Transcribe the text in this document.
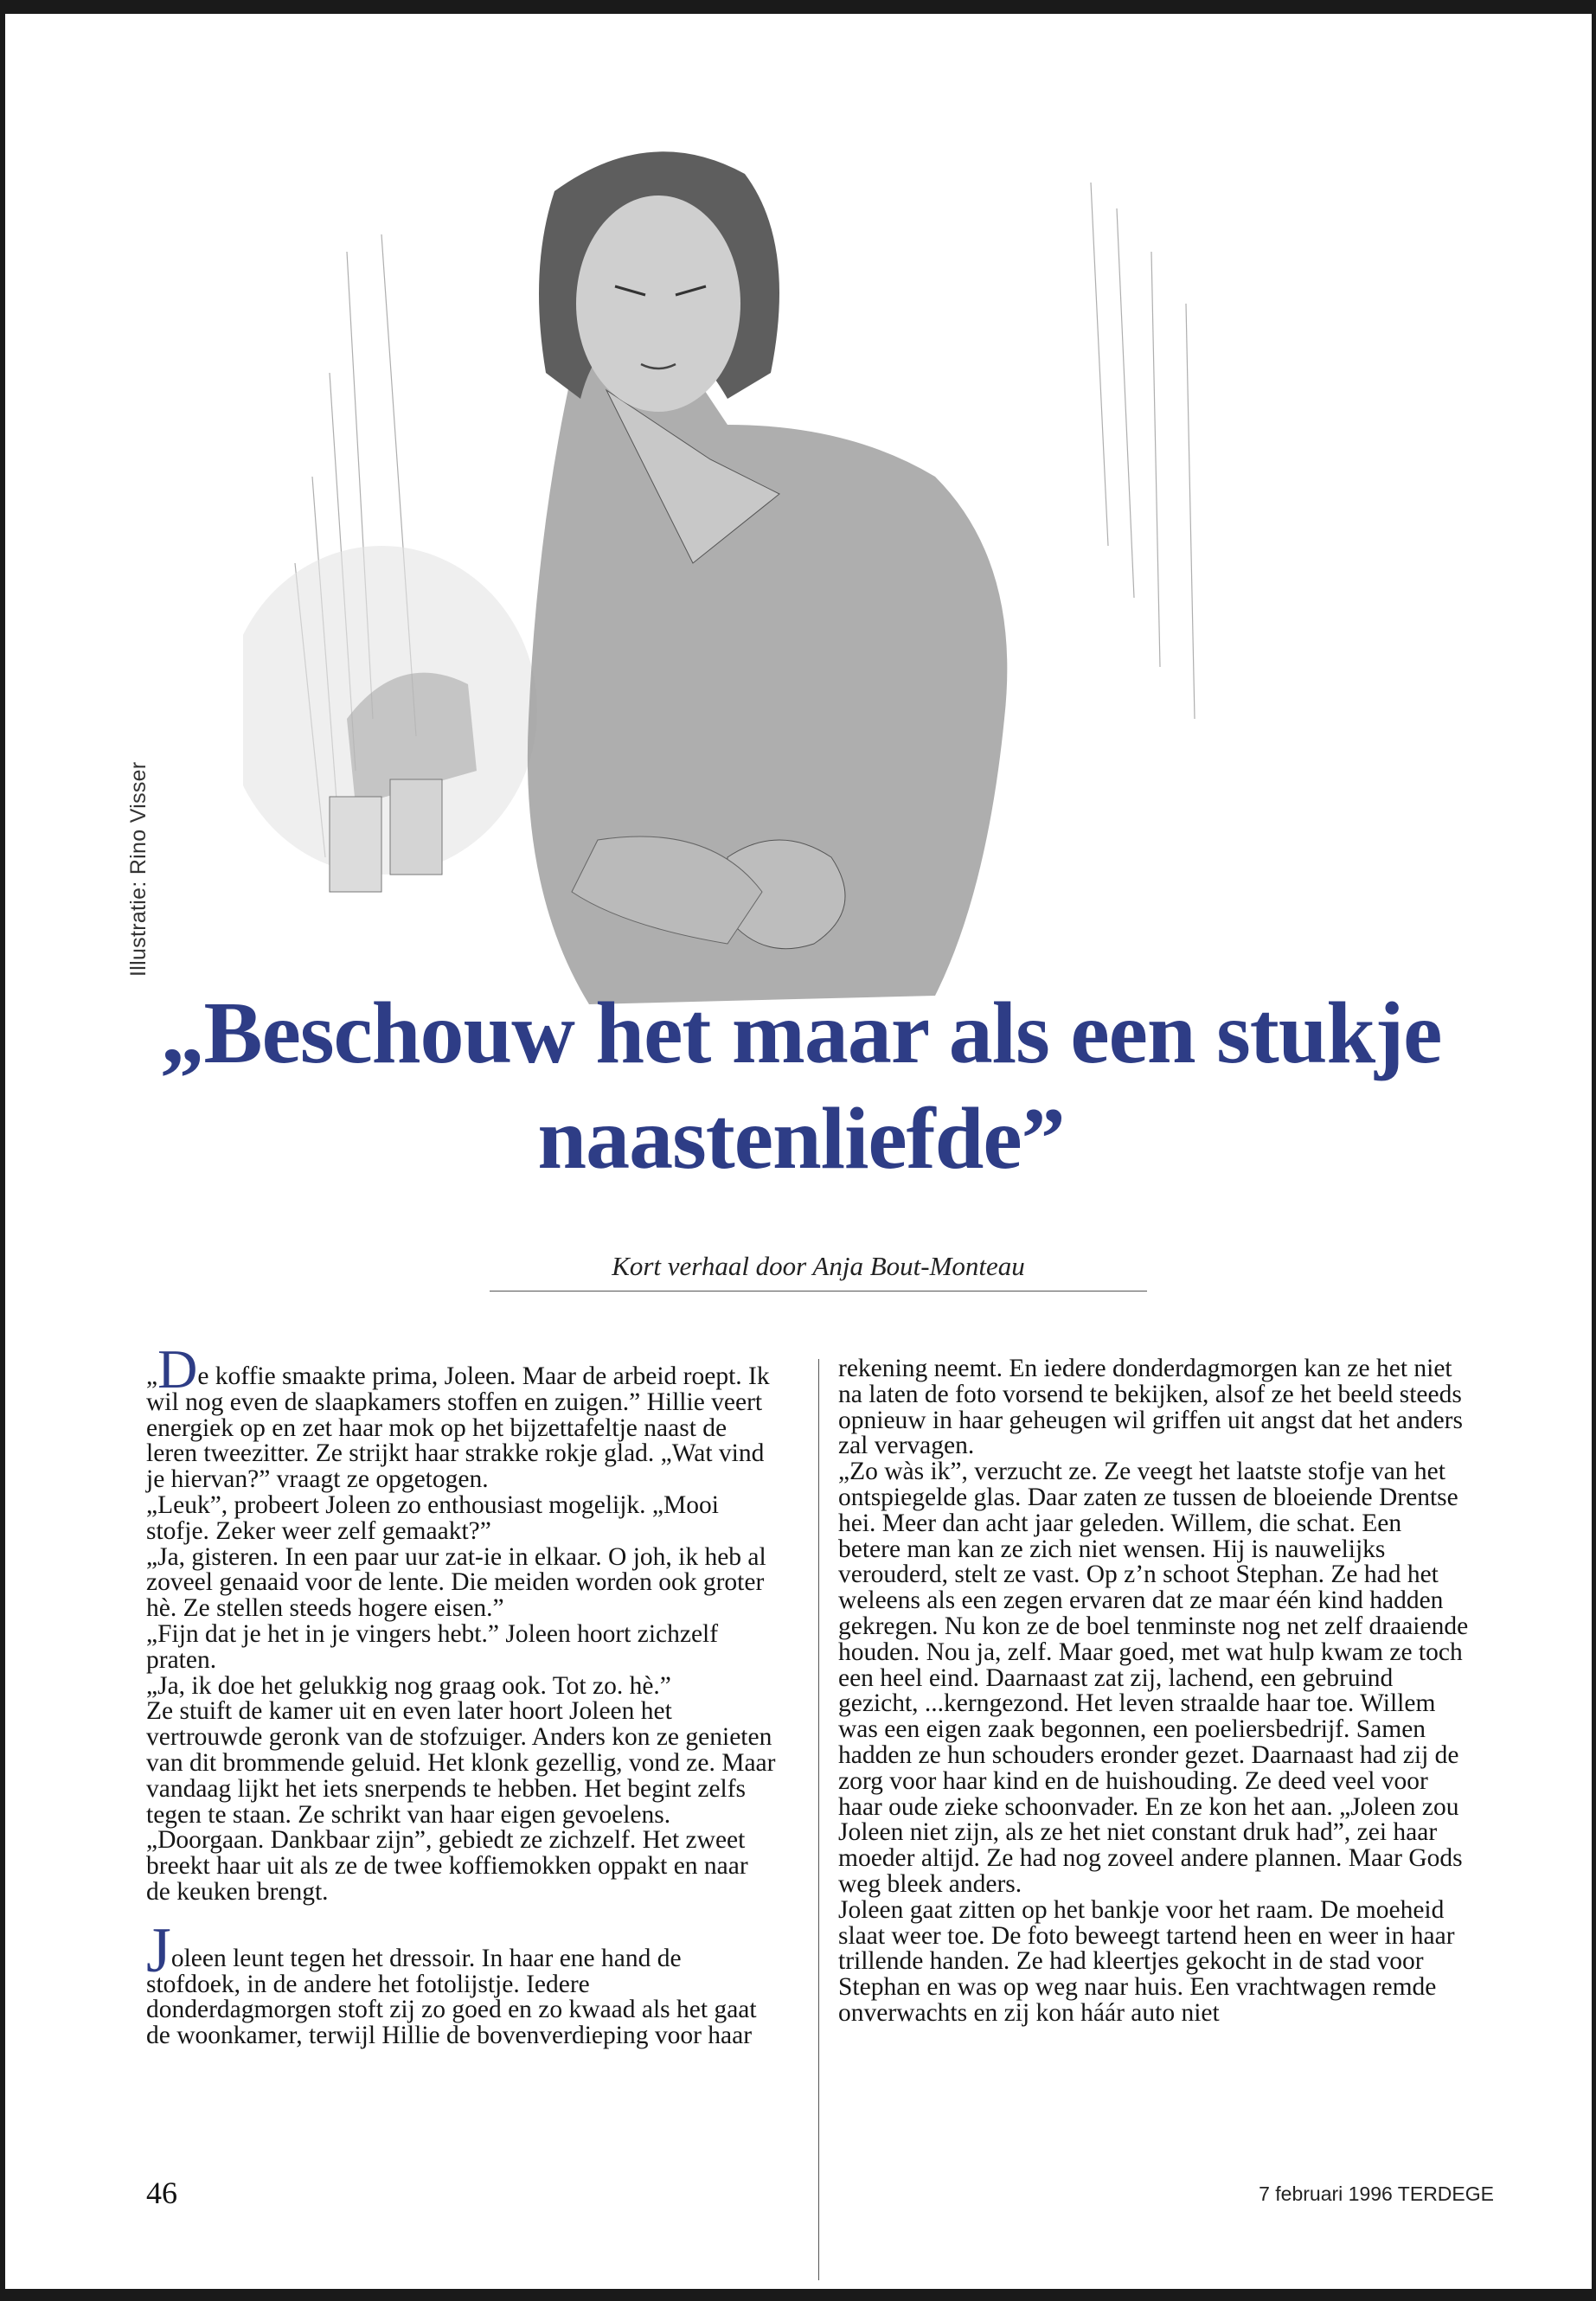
Illustratie: Rino Visser
„Beschouw het maar als een stukje naastenliefde”
Kort verhaal door Anja Bout-Monteau

„De koffie smaakte prima, Joleen. Maar de arbeid roept. Ik wil nog even de slaapkamers stoffen en zuigen.” Hillie veert energiek op en zet haar mok op het bijzettafeltje naast de leren tweezitter. Ze strijkt haar strakke rokje glad. „Wat vind je hiervan?” vraagt ze opgetogen.

„Leuk”, probeert Joleen zo enthousiast mogelijk. „Mooi stofje. Zeker weer zelf gemaakt?”

„Ja, gisteren. In een paar uur zat-ie in elkaar. O joh, ik heb al zoveel genaaid voor de lente. Die meiden worden ook groter hè. Ze stellen steeds hogere eisen.”

„Fijn dat je het in je vingers hebt.” Joleen hoort zichzelf praten.

„Ja, ik doe het gelukkig nog graag ook. Tot zo. hè.”

Ze stuift de kamer uit en even later hoort Joleen het vertrouwde geronk van de stofzuiger. Anders kon ze genieten van dit brommende geluid. Het klonk gezellig, vond ze. Maar vandaag lijkt het iets snerpends te hebben. Het begint zelfs tegen te staan. Ze schrikt van haar eigen gevoelens. „Doorgaan. Dankbaar zijn”, gebiedt ze zichzelf. Het zweet breekt haar uit als ze de twee koffiemokken oppakt en naar de keuken brengt.

Joleen leunt tegen het dressoir. In haar ene hand de stofdoek, in de andere het fotolijstje. Iedere donderdagmorgen stoft zij zo goed en zo kwaad als het gaat de woonkamer, terwijl Hillie de bovenverdieping voor haar

rekening neemt. En iedere donderdagmorgen kan ze het niet na laten de foto vorsend te bekijken, alsof ze het beeld steeds opnieuw in haar geheugen wil griffen uit angst dat het anders zal vervagen.

„Zo wàs ik”, verzucht ze. Ze veegt het laatste stofje van het ontspiegelde glas. Daar zaten ze tussen de bloeiende Drentse hei. Meer dan acht jaar geleden. Willem, die schat. Een betere man kan ze zich niet wensen. Hij is nauwelijks verouderd, stelt ze vast. Op z’n schoot Stephan. Ze had het weleens als een zegen ervaren dat ze maar één kind hadden gekregen. Nu kon ze de boel tenminste nog net zelf draaiende houden. Nou ja, zelf. Maar goed, met wat hulp kwam ze toch een heel eind. Daarnaast zat zij, lachend, een gebruind gezicht, ...kerngezond. Het leven straalde haar toe. Willem was een eigen zaak begonnen, een poeliersbedrijf. Samen hadden ze hun schouders eronder gezet. Daarnaast had zij de zorg voor haar kind en de huishouding. Ze deed veel voor haar oude zieke schoonvader. En ze kon het aan. „Joleen zou Joleen niet zijn, als ze het niet constant druk had”, zei haar moeder altijd. Ze had nog zoveel andere plannen. Maar Gods weg bleek anders.

Joleen gaat zitten op het bankje voor het raam. De moeheid slaat weer toe. De foto beweegt tartend heen en weer in haar trillende handen. Ze had kleertjes gekocht in de stad voor Stephan en was op weg naar huis. Een vrachtwagen remde onverwachts en zij kon háár auto niet

46	7 februari 1996 TERDEGE
